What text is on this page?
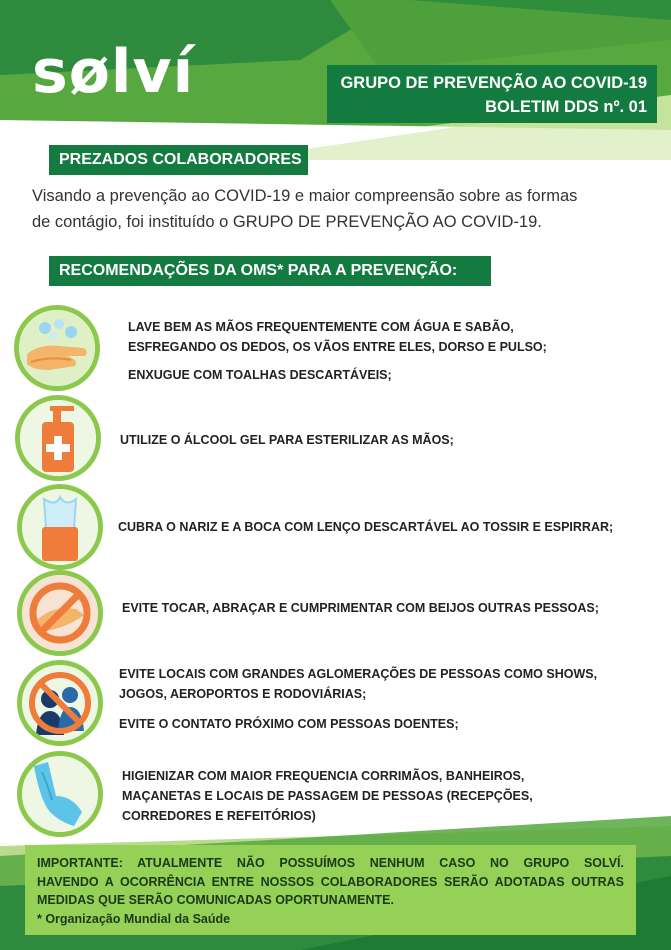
sølví	GRUPO DE PREVENÇÃO AO COVID-19
BOLETIM DDS nº. 01
PREZADOS COLABORADORES

Visando a prevenção ao COVID-19 e maior compreensão sobre as formas

de contágio, foi instituído o GRUPO DE PREVENÇÃO AO COVID-19.

RECOMENDAÇÕES DA OMS* PARA A PREVENÇÃO:

LAVE BEM AS MÃOS FREQUENTEMENTE COM ÁGUA E SABÃO,

ESFREGANDO OS DEDOS, OS VÃOS ENTRE ELES, DORSO E PULSO;

ENXUGUE COM TOALHAS DESCARTÁVEIS;

UTILIZE O ÁLCOOL GEL PARA ESTERILIZAR AS MÃOS;

CUBRA O NARIZ E A BOCA COM LENÇO DESCARTÁVEL AO TOSSIR E ESPIRRAR;

EVITE TOCAR, ABRAÇAR E CUMPRIMENTAR COM BEIJOS OUTRAS PESSOAS;

EVITE LOCAIS COM GRANDES AGLOMERAÇÕES DE PESSOAS COMO SHOWS,

JOGOS, AEROPORTOS E RODOVIÁRIAS;

EVITE O CONTATO PRÓXIMO COM PESSOAS DOENTES;

HIGIENIZAR COM MAIOR FREQUENCIA CORRIMÃOS, BANHEIROS,

MAÇANETAS E LOCAIS DE PASSAGEM DE PESSOAS (RECEPÇÕES,

CORREDORES E REFEITÓRIOS)

IMPORTANTE: ATUALMENTE NÃO POSSUÍMOS NENHUM CASO NO GRUPO SOLVÍ.

HAVENDO A OCORRÊNCIA ENTRE NOSSOS COLABORADORES SERÃO ADOTADAS OUTRAS

MEDIDAS QUE SERÃO COMUNICADAS OPORTUNAMENTE.

* Organização Mundial da Saúde
